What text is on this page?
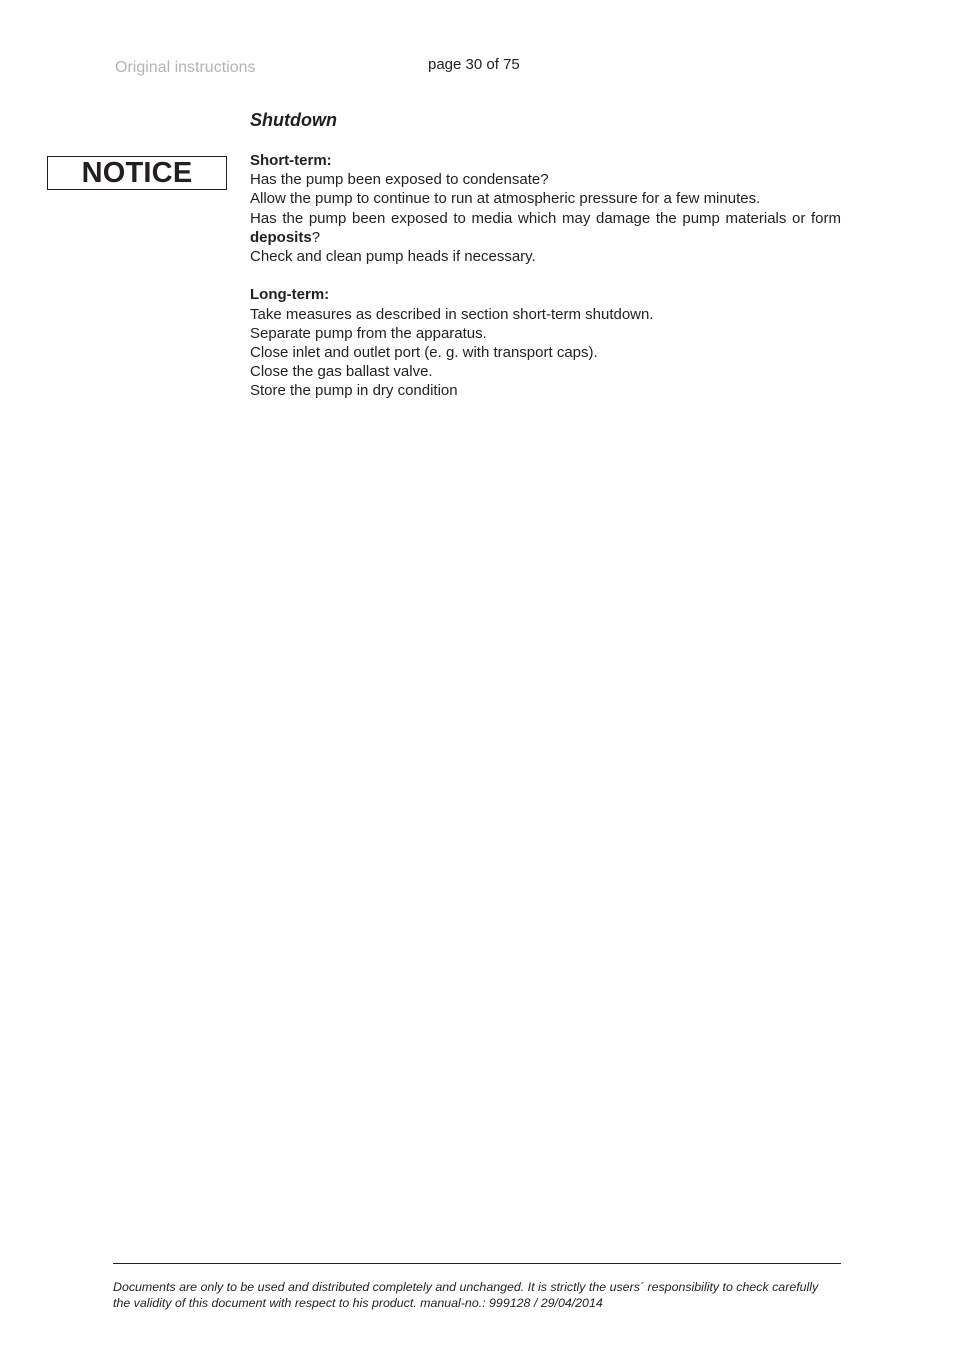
Original instructions	page 30 of 75
Shutdown
NOTICE	Short-term:
Has the pump been exposed to condensate?
Allow the pump to continue to run at atmospheric pressure for a few minutes.
Has the pump been exposed to media which may damage the pump materials or form deposits?
Check and clean pump heads if necessary.
Long-term:
Take measures as described in section short-term shutdown.
Separate pump from the apparatus.
Close inlet and outlet port (e. g. with transport caps).
Close the gas ballast valve.
Store the pump in dry condition
Documents are only to be used and distributed completely and unchanged. It is strictly the users´ responsibility to check carefully
the validity of this document with respect to his product. manual-no.: 999128 / 29/04/2014
